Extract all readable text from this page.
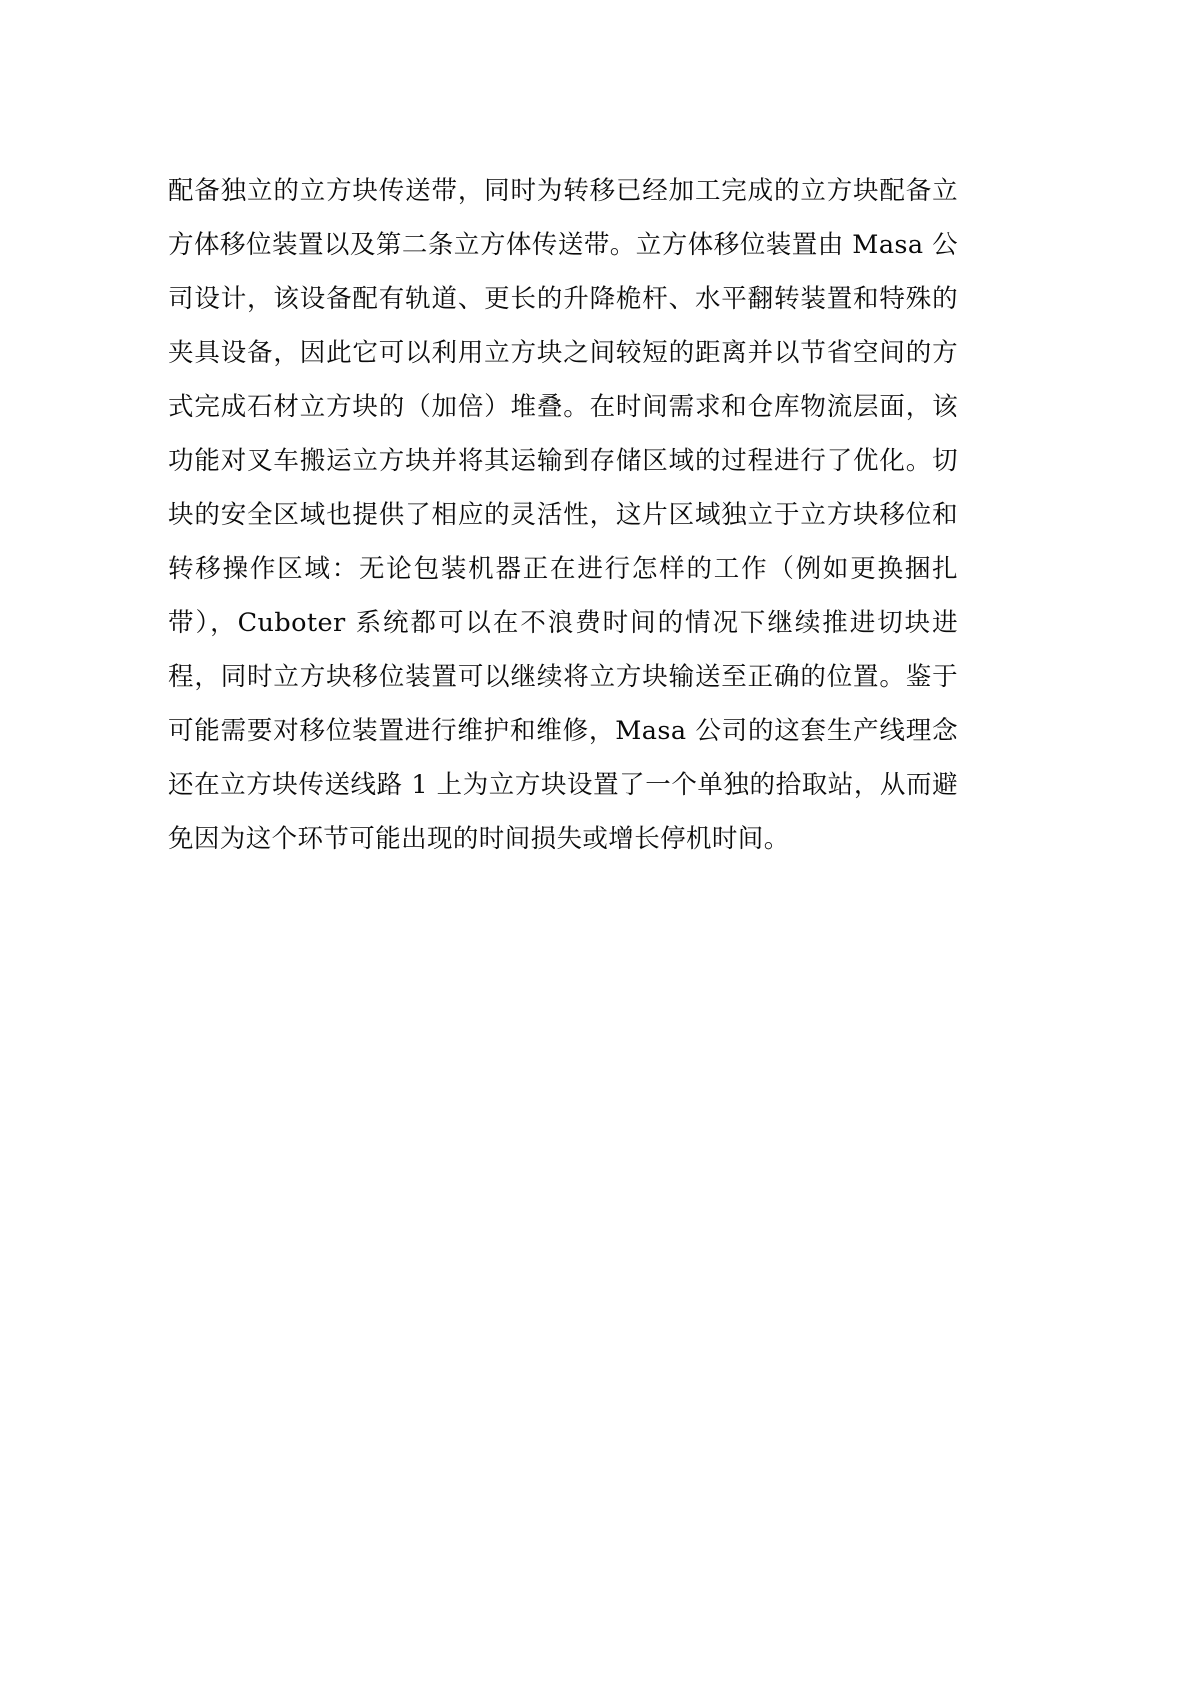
配备独立的立方块传送带，同时为转移已经加工完成的立方块配备立方体移位装置以及第二条立方体传送带。立方体移位装置由 Masa 公司设计，该设备配有轨道、更长的升降桅杆、水平翻转装置和特殊的夹具设备，因此它可以利用立方块之间较短的距离并以节省空间的方式完成石材立方块的（加倍）堆叠。在时间需求和仓库物流层面，该功能对叉车搬运立方块并将其运输到存储区域的过程进行了优化。切块的安全区域也提供了相应的灵活性，这片区域独立于立方块移位和转移操作区域：无论包装机器正在进行怎样的工作（例如更换捆扎带），Cuboter 系统都可以在不浪费时间的情况下继续推进切块进程，同时立方块移位装置可以继续将立方块输送至正确的位置。鉴于可能需要对移位装置进行维护和维修，Masa 公司的这套生产线理念还在立方块传送线路 1 上为立方块设置了一个单独的拾取站，从而避免因为这个环节可能出现的时间损失或增长停机时间。
